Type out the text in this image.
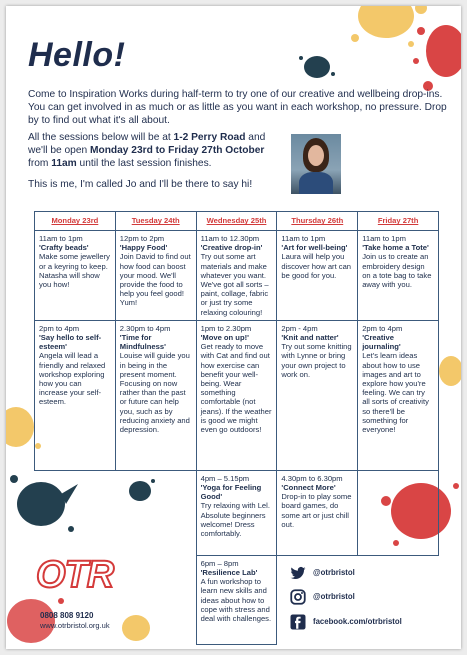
Hello!
Come to Inspiration Works during half-term to try one of our creative and wellbeing drop-ins. You can get involved in as much or as little as you want in each workshop, no pressure. Drop by to find out what it's all about.
All the sessions below will be at 1-2 Perry Road and
we'll be open Monday 23rd to Friday 27th October
from 11am until the last session finishes.
This is me, I'm called Jo and I'll be there to say hi!
Monday 23rd	Tuesday 24th	Wednesday 25th	Thursday 26th	Friday 27th

11am to 1pm
'Crafty beads'
Make some jewellery or a keyring to keep. Natasha will show you how!	12pm to 2pm
'Happy Food'
Join David to find out how food can boost your mood. We'll provide the food to help you feel good! Yum!	11am to 12.30pm
'Creative drop-in'
Try out some art materials and make whatever you want. We've got all sorts – paint, collage, fabric or just try some relaxing colouring!	11am to 1pm
'Art for well-being'
Laura will help you discover how art can be good for you.	11am to 1pm
'Take home a Tote'
Join us to create an embroidery design on a tote bag to take away with you.

2pm to 4pm
'Say hello to self-esteem'
Angela will lead a friendly and relaxed workshop exploring how you can increase your self-esteem.	2.30pm to 4pm
'Time for Mindfulness'
Louise will guide you in being in the present moment. Focusing on now rather than the past or future can help you, such as by reducing anxiety and depression.	1pm to 2.30pm
'Move on up!'
Get ready to move with Cat and find out how exercise can benefit your well-being. Wear something comfortable (not jeans). If the weather is good we might even go outdoors!	2pm - 4pm
'Knit and natter'
Try out some knitting with Lynne or bring your own project to work on.	2pm to 4pm
'Creative journaling'
Let's learn ideas about how to use images and art to explore how you're feeling. We can try all sorts of creativity so there'll be something for everyone!

		4pm – 5.15pm
'Yoga for Feeling Good'
Try relaxing with Lel. Absolute beginners welcome! Dress comfortably.	4.30pm to 6.30pm
'Connect More'
Drop-in to play some board games, do some art or just chill out.	

		6pm – 8pm
'Resilience Lab'
A fun workshop to learn new skills and ideas about how to cope with stress and deal with challenges.		
OTR
0808 808 9120
www.otrbristol.org.uk
@otrbristol
@otrbristol
facebook.com/otrbristol
